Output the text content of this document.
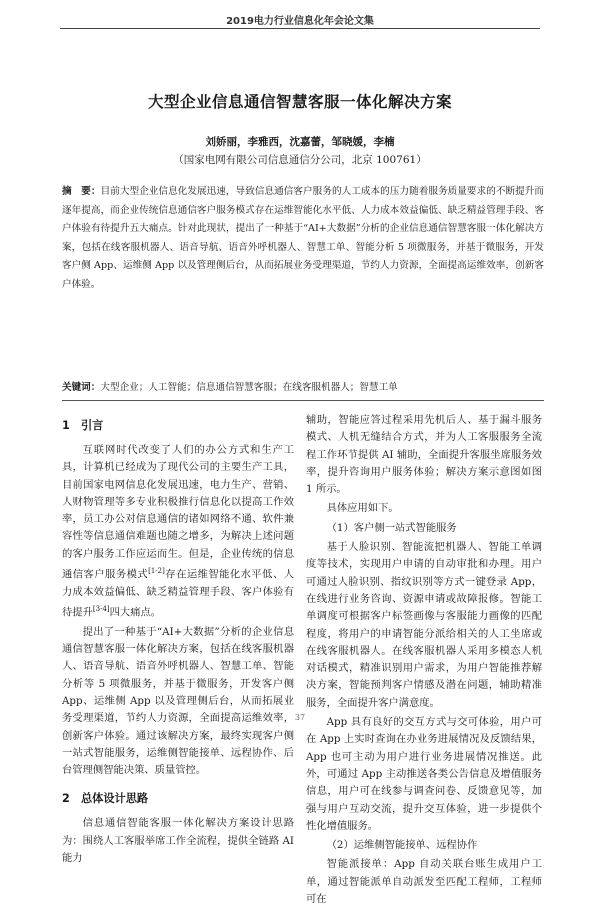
2019电力行业信息化年会论文集
大型企业信息通信智慧客服一体化解决方案
刘娇丽，李雅西，沈嘉蕾，邹晓媛，李楠
（国家电网有限公司信息通信分公司，北京 100761）

摘　要：目前大型企业信息化发展迅速，导致信息通信客户服务的人工成本的压力随着服务质量要求的不断提升而逐年提高，而企业传统信息通信客户服务模式存在运维智能化水平低、人力成本效益偏低、缺乏精益管理手段、客户体验有待提升五大痛点。针对此现状，提出了一种基于“AI+大数据”分析的企业信息通信智慧客服一体化解决方案，包括在线客服机器人、语音导航、语音外呼机器人、智慧工单、智能分析 5 项微服务，并基于微服务，开发客户侧 App、运维侧 App 以及管理侧后台，从而拓展业务受理渠道，节约人力资源，全面提高运维效率，创新客户体验。

关键词：大型企业；人工智能；信息通信智慧客服；在线客服机器人；智慧工单

1　引言

互联网时代改变了人们的办公方式和生产工具，计算机已经成为了现代公司的主要生产工具，目前国家电网信息化发展迅速，电力生产、营销、人财物管理等多专业积极推行信息化以提高工作效率，员工办公对信息通信的诸如网络不通、软件兼容性等信息通信难题也随之增多，为解决上述问题的客户服务工作应运而生。但是，企业传统的信息通信客户服务模式[1-2]存在运维智能化水平低、人力成本效益偏低、缺乏精益管理手段、客户体验有待提升[3-4]四大痛点。

提出了一种基于“AI+大数据”分析的企业信息通信智慧客服一体化解决方案，包括在线客服机器人、语音导航、语音外呼机器人、智慧工单、智能分析等 5 项微服务，并基于微服务，开发客户侧 App、运维侧 App 以及管理侧后台，从而拓展业务受理渠道，节约人力资源，全面提高运维效率，创新客户体验。通过该解决方案，最终实现客户侧一站式智能服务，运维侧智能接单、远程协作、后台管理侧智能决策、质量管控。

2　总体设计思路

信息通信智能客服一体化解决方案设计思路为：围绕人工客服举席工作全流程，提供全链路 AI 能力

辅助，智能应答过程采用先机后人、基于漏斗服务模式、人机无缝结合方式，并为人工客服服务全流程工作环节提供 AI 辅助，全面提升客服坐席服务效率，提升咨询用户服务体验；解决方案示意图如图 1 所示。

具体应用如下。

（1）客户侧一站式智能服务

基于人脸识别、智能流把机器人、智能工单调度等技术，实现用户申请的自动审批和办理。用户可通过人脸识别、指纹识别等方式一键登录 App，在线进行业务咨询、资源申请或故障报修。智能工单调度可根据客户标签画像与客服能力画像的匹配程度，将用户的申请智能分派给相关的人工坐席或在线客服机器人。在线客服机器人采用多模态人机对话模式，精准识别用户需求，为用户智能推荐解决方案，智能预判客户情感及潜在问题，辅助精准服务，全面提升客户满意度。

App 具有良好的交互方式与交可体验，用户可在 App 上实时查询在办业务进展情况及反馈结果，App 也可主动为用户进行业务进展情况推送。此外，可通过 App 主动推送各类公告信息及增值服务信息，用户可在线参与调查问卷、反馈意见等，加强与用户互动交流，提升交互体验，进一步提供个性化增值服务。

（2）运维侧智能接单、远程协作

智能派接单：App 自动关联台账生成用户工单，通过智能派单自动派发至匹配工程师，工程师可在

37
